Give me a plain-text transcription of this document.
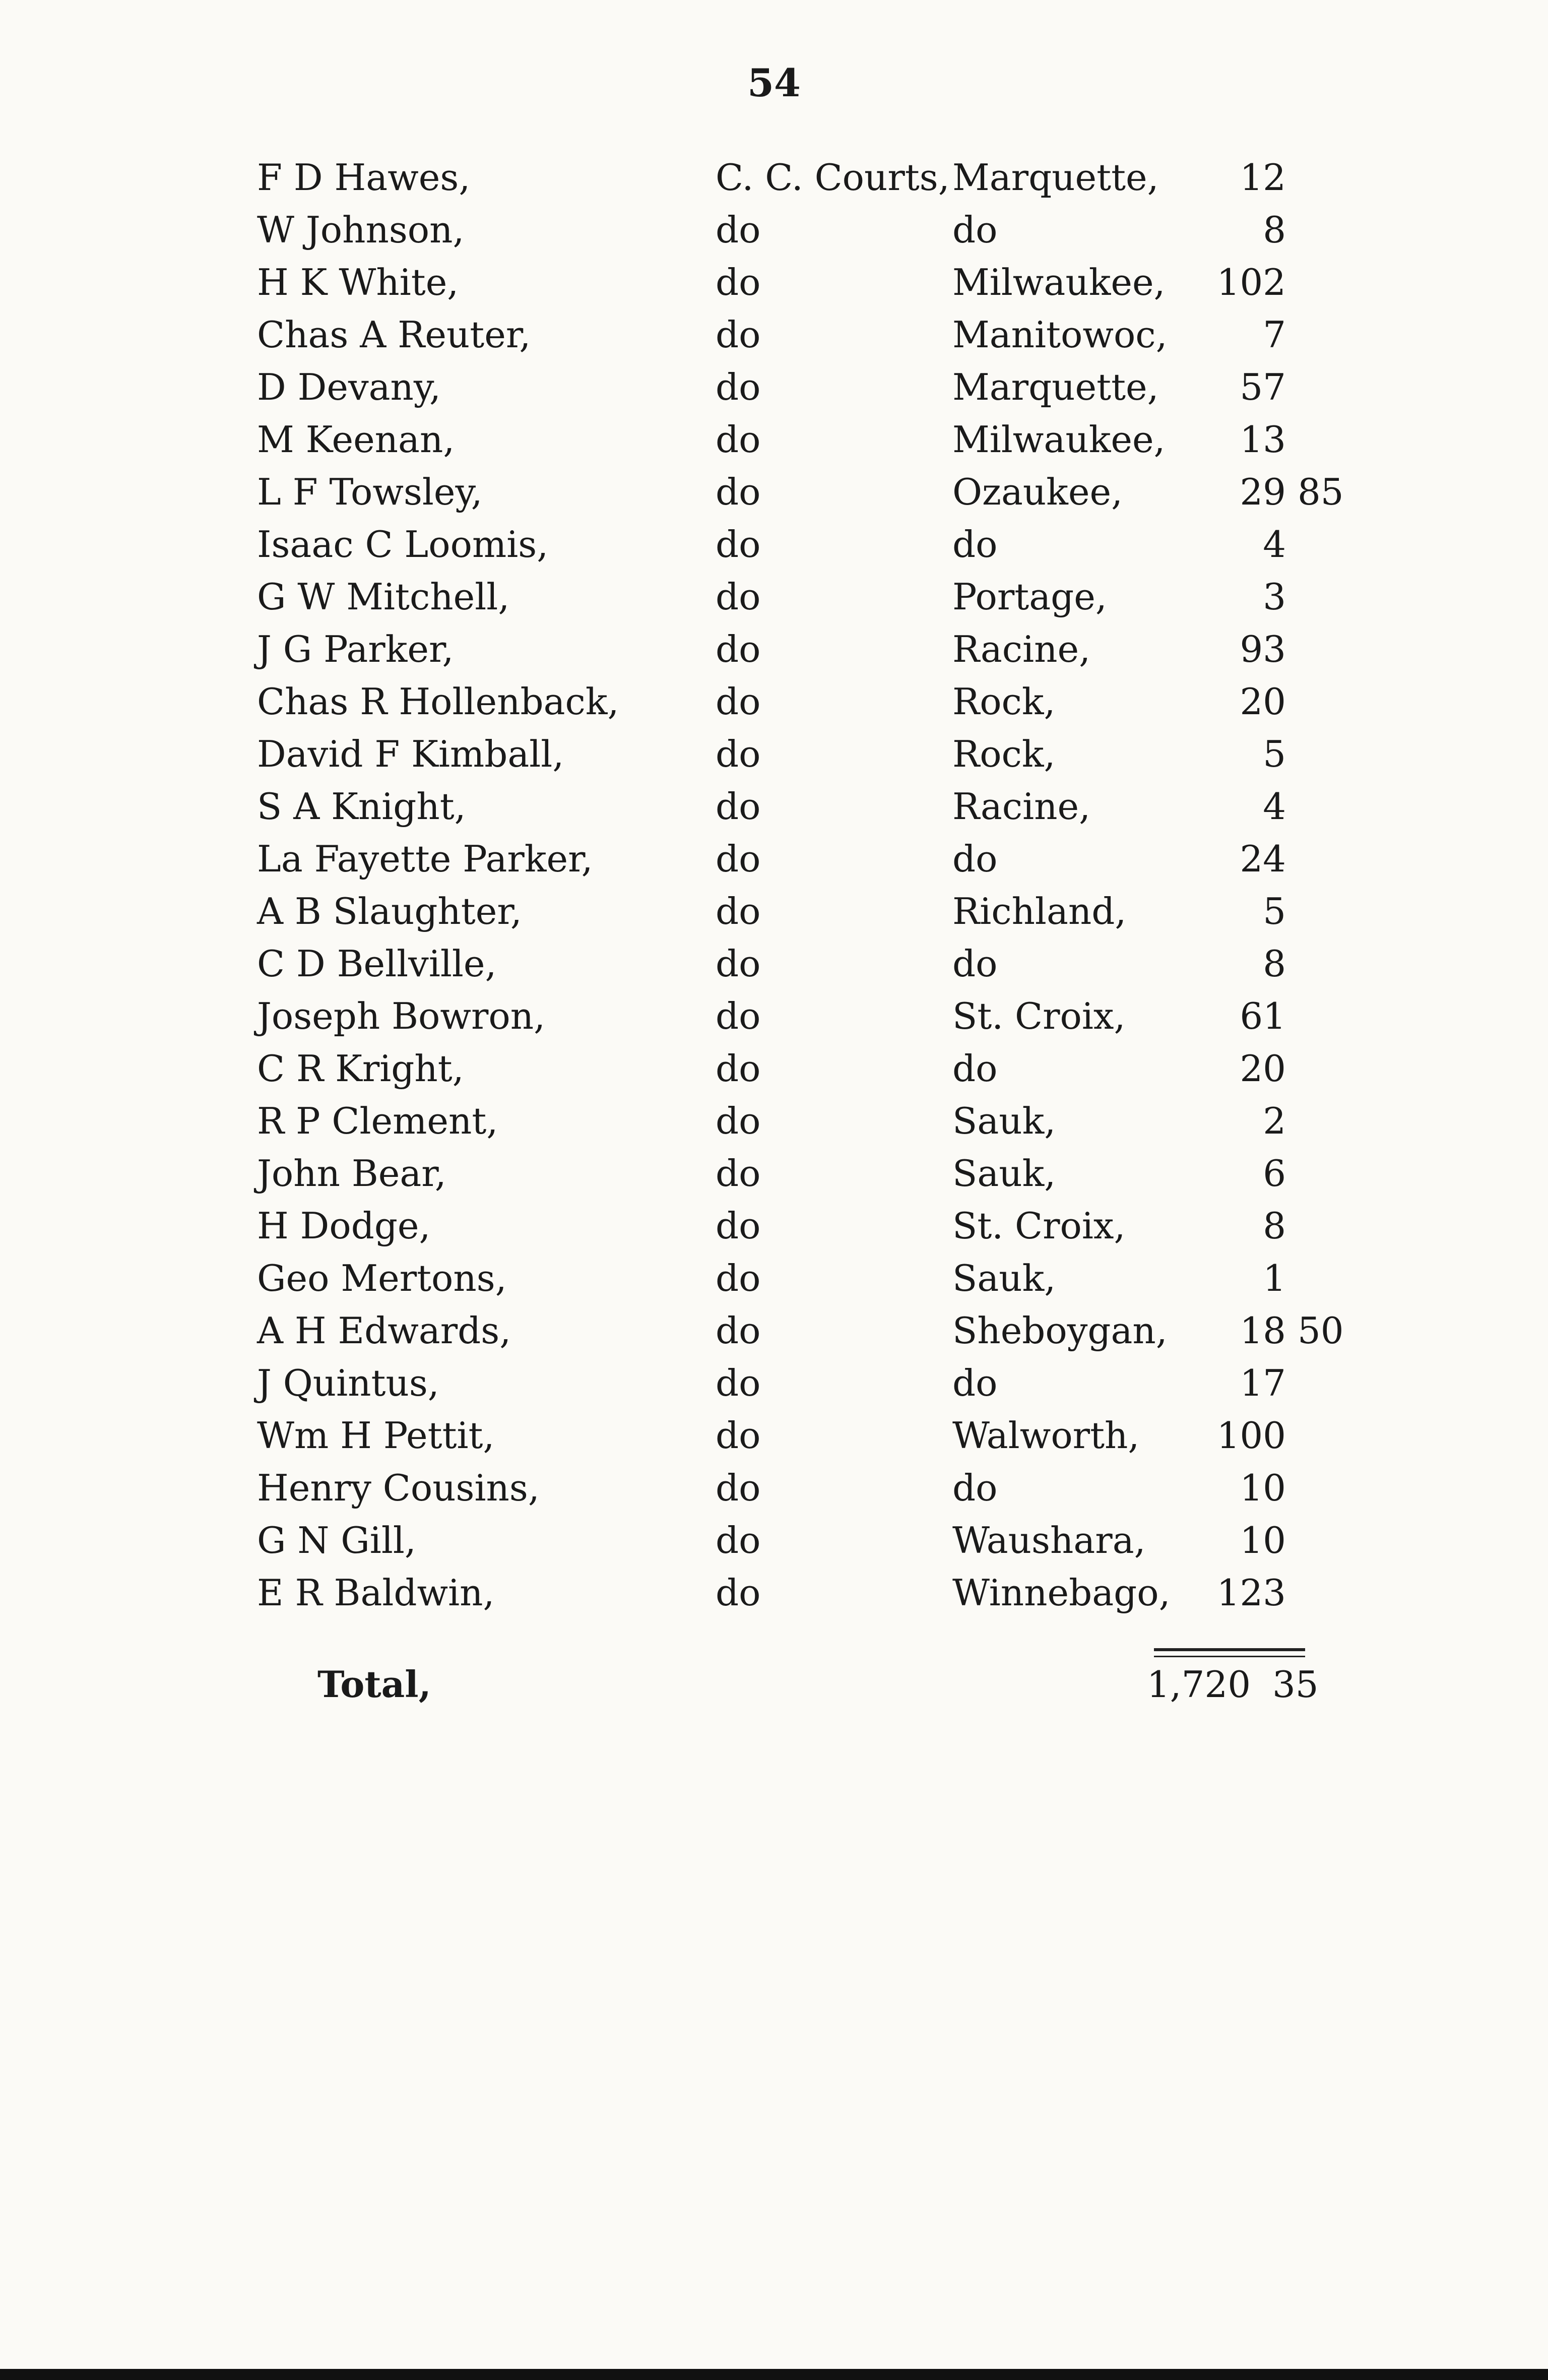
54
F D Hawes,	C. C. Courts, Marquette, 12
W Johnson,	do	do	8
H K White,	do	Milwaukee, 102
Chas A Reuter,	do	Manitowoc,	7
D Devany,	do	Marquette, 57
M Keenan,	do	Milwaukee, 13
L F Towsley,	do	Ozaukee,	29 85
Isaac C Loomis,	do	do	4
G W Mitchell,	do	Portage,	3
J G Parker,	do	Racine,	93
Chas R Hollenback,	do	Rock,	20
David F Kimball,	do	Rock,	5
S A Knight,	do	Racine,	4
La Fayette Parker,	do	do	24
A B Slaughter,	do	Richland,	5
C D Bellville,	do	do	8
Joseph Bowron,	do	St. Croix,	61
C R Kright,	do	do	20
R P Clement,	do	Sauk,	2
John Bear,	do	Sauk,	6
H Dodge,	do	St. Croix,	8
Geo Mertons,	do	Sauk,	1
A H Edwards,	do	Sheboygan, 18 50
J Quintus,	do	do	17
Wm H Pettit,	do	Walworth, 100
Henry Cousins,	do	do	10
G N Gill,	do	Waushara,	10
E R Baldwin,	do	Winnebago, 123
Total,	1,720 35
